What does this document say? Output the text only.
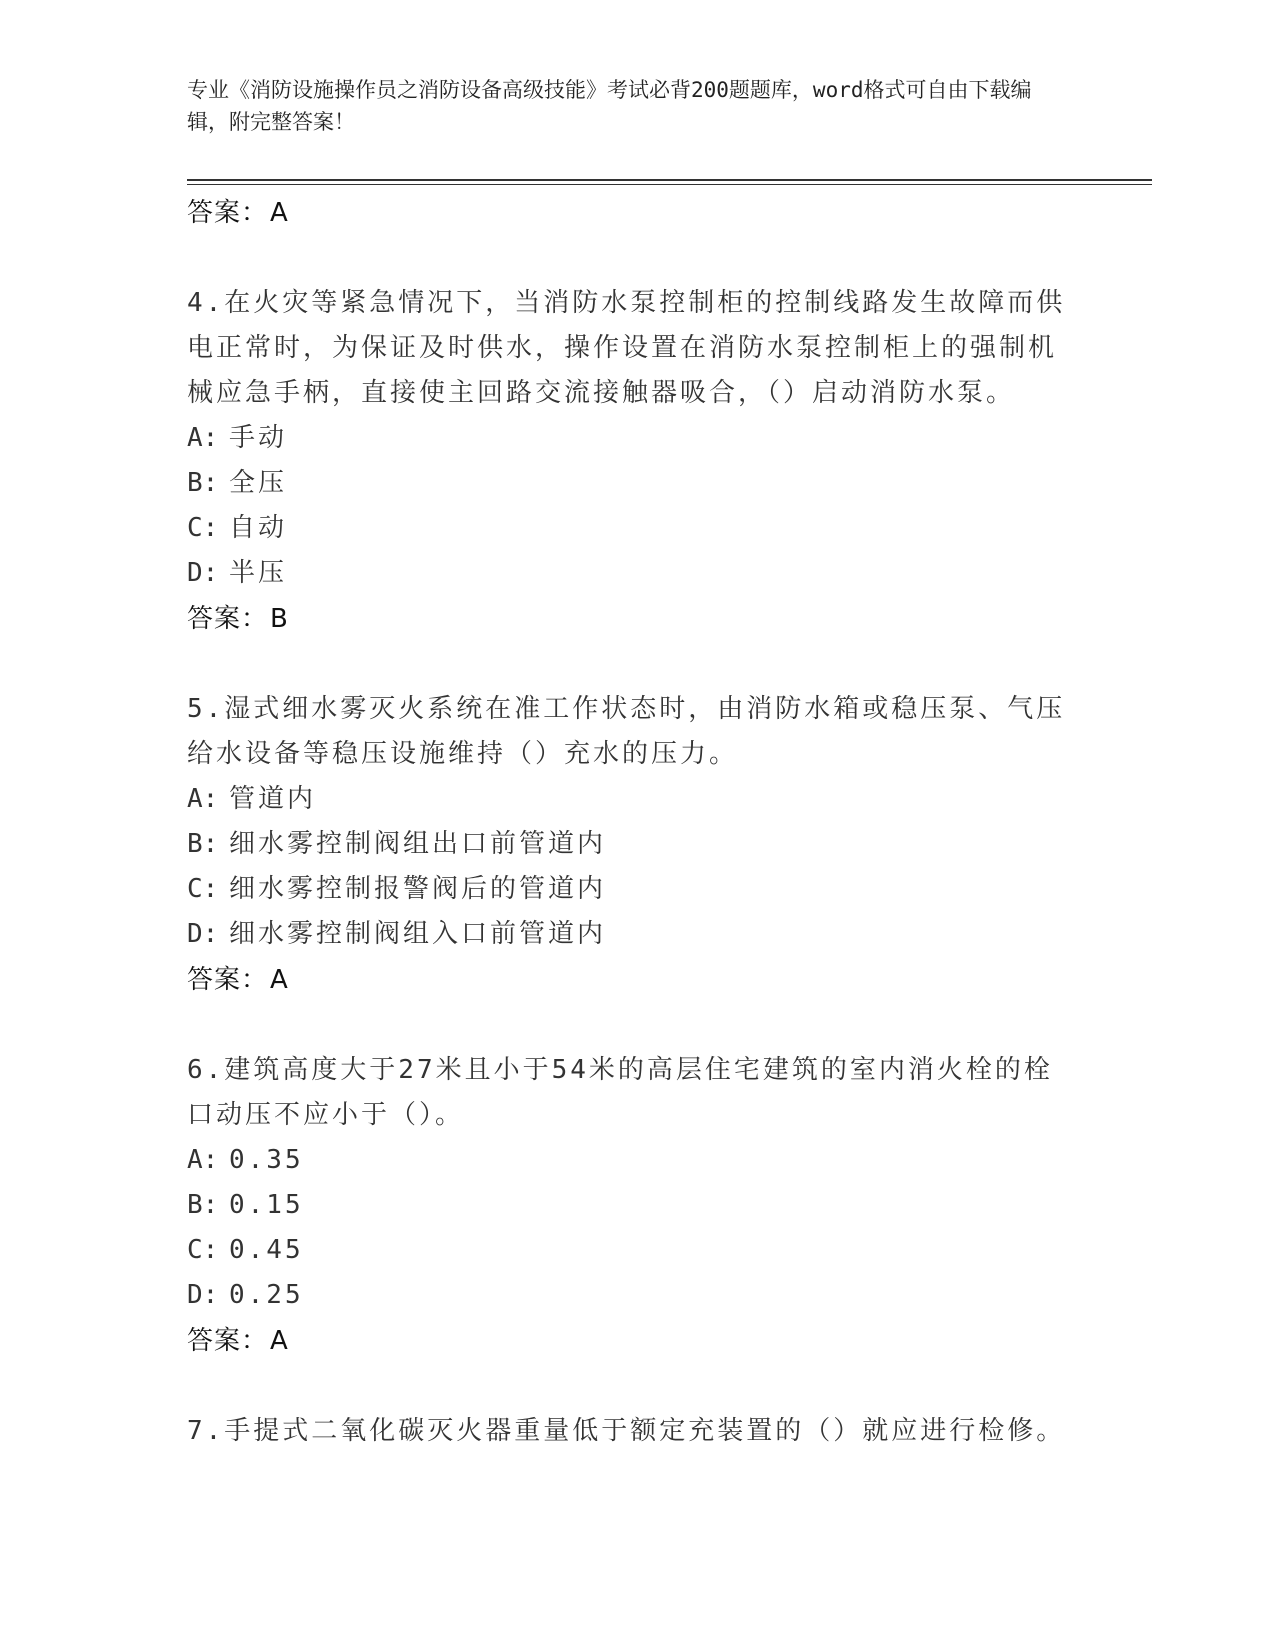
专业《消防设施操作员之消防设备高级技能》考试必背200题题库，word格式可自由下载编辑，附完整答案！
答案：A
4.在火灾等紧急情况下，当消防水泵控制柜的控制线路发生故障而供电正常时，为保证及时供水，操作设置在消防水泵控制柜上的强制机械应急手柄，直接使主回路交流接触器吸合，（）启动消防水泵。
A: 手动
B: 全压
C: 自动
D: 半压
答案：B
5.湿式细水雾灭火系统在准工作状态时，由消防水箱或稳压泵、气压给水设备等稳压设施维持（）充水的压力。
A: 管道内
B: 细水雾控制阀组出口前管道内
C: 细水雾控制报警阀后的管道内
D: 细水雾控制阀组入口前管道内
答案：A
6.建筑高度大于27米且小于54米的高层住宅建筑的室内消火栓的栓口动压不应小于（）。
A: 0.35
B: 0.15
C: 0.45
D: 0.25
答案：A
7.手提式二氧化碳灭火器重量低于额定充装置的（）就应进行检修。
